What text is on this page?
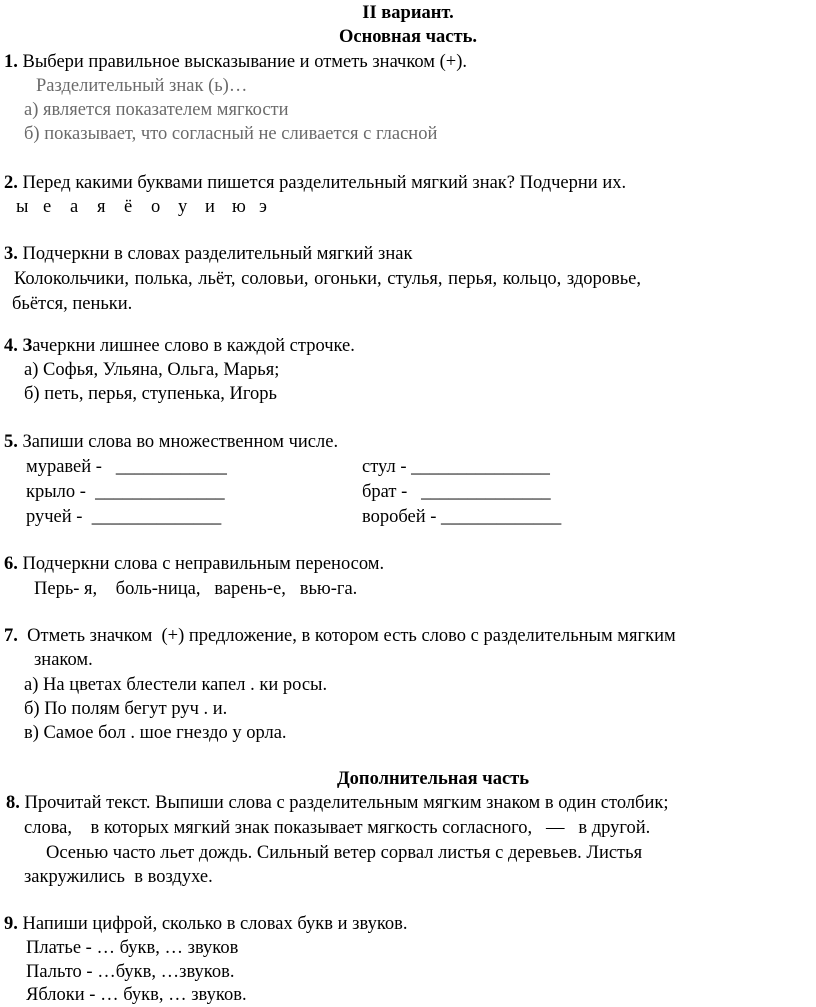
II вариант.
Основная часть.
1. Выбери правильное высказывание и отметь значком (+).
Разделительный знак (ь)…
а) является показателем мягкости
б) показывает, что согласный не сливается с гласной
2. Перед какими буквами пишется разделительный мягкий знак? Подчерни их.
ы е а я ё о у и ю э
3. Подчеркни в словах разделительный мягкий знак
Колокольчики, полька, льёт, соловьи, огоньки, стулья, перья, кольцо, здоровье,
бьётся, пеньки.
4. Зачеркни лишнее слово в каждой строчке.
а) Софья, Ульяна, Ольга, Марья;
б) петь, перья, ступенька, Игорь
5. Запиши слова во множественном числе.
муравей -   ____________	стул - _______________
крыло -  ______________	брат -   ______________
ручей -  ______________	воробей - _____________
6. Подчеркни слова с неправильным переносом.
Перь- я,    боль-ница,   варень-е,   вью-га.
7.  Отметь значком  (+) предложение, в котором есть слово с разделительным мягким
знаком.
а) На цветах блестели капел . ки росы.
б) По полям бегут руч . и.
в) Самое бол . шое гнездо у орла.
Дополнительная часть
8. Прочитай текст. Выпиши слова с разделительным мягким знаком в один столбик;
слова,    в которых мягкий знак показывает мягкость согласного,   —   в другой.
Осенью часто льет дождь. Сильный ветер сорвал листья с деревьев. Листья
закружились  в воздухе.
9. Напиши цифрой, сколько в словах букв и звуков.
Платье - … букв, … звуков
Пальто - …букв, …звуков.
Яблоки - … букв, … звуков.
